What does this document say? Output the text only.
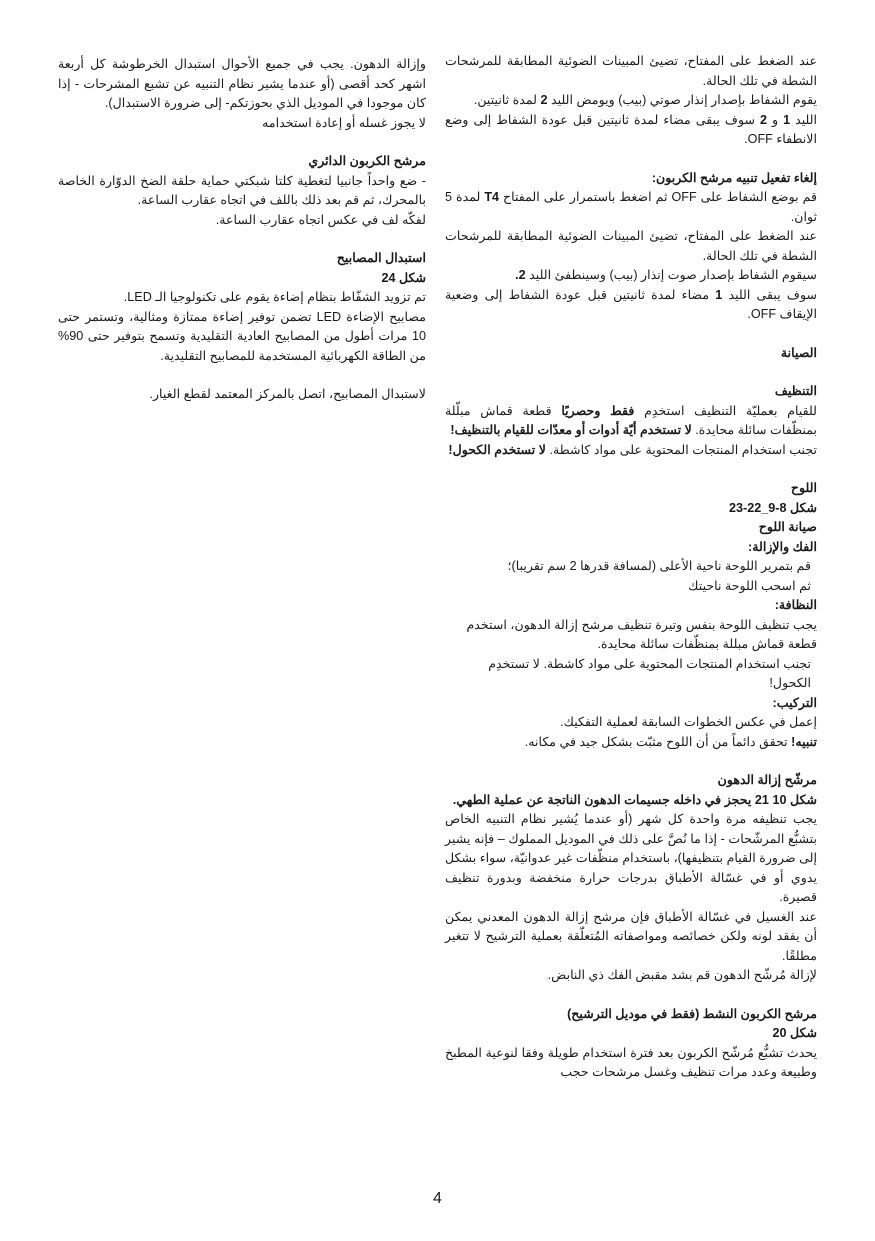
عند الضغط على المفتاح، تضيئ المبينات الضوئية المطابقة للمرشحات الشطة في تلك الحالة.

يقوم الشفاط بإصدار إنذار صوتي (بيب) ويومض الليد 2 لمدة ثانيتين.

الليد 1 و 2 سوف يبقى مضاء لمدة ثانيتين قبل عودة الشفاط إلى وضع الانطفاء OFF.

إلغاء تفعيل تنبيه مرشح الكربون:

قم بوضع الشفاط على OFF ثم اضغط باستمرار على المفتاح T4 لمدة 5 ثوان.

عند الضغط على المفتاح، تضيئ المبينات الضوئية المطابقة للمرشحات الشطة في تلك الحالة.

سيقوم الشفاط بإصدار صوت إنذار (بيب) وسينطفئ الليد 2.

سوف يبقى الليد 1 مضاء لمدة ثانيتين قبل عودة الشفاط إلى وضعية الإيقاف OFF.

الصيانة

التنظيف

للقيام بعمليّة التنظيف استخدِم فقط وحصريًا قطعة قماش مبلّلة بمنظّفات سائلة محايدة. لا تستخدم أيّة أدوات أو معدّات للقيام بالتنظيف!

تجنب استخدام المنتجات المحتوية على مواد كاشطة. لا تستخدم الكحول!

اللوح

شكل 8-9_22-23

صيانة اللوح

الفك والإزالة:

قم بتمرير اللوحة ناحية الأعلى (لمسافة قدرها 2 سم تقريبا)؛

ثم اسحب اللوحة ناحيتك

النظافة:

يجب تنظيف اللوحة بنفس وتيرة تنظيف مرشح إزالة الدهون، استخدم قطعة قماش مبللة بمنظّفات سائلة محايدة.

تجنب استخدام المنتجات المحتوية على مواد كاشطة. لا تستخدِم الكحول!

التركيب:

إعمل في عكس الخطوات السابقة لعملية التفكيك.

تنبيه! تحقق دائماً من أن اللوح مثبّت بشكل جيد في مكانه.

مرشّح إزالة الدهون

شكل 10 21 يحجز في داخله جسيمات الدهون الناتجة عن عملية الطهي.

يجب تنظيفه مرة واحدة كل شهر (أو عندما يُشير نظام التنبيه الخاص بتشبُّع المرشّحات - إذا ما نُصَّ على ذلك في الموديل المملوك – فإنه يشير إلى ضرورة القيام بتنظيفها)، باستخدام منظّفات غير عدوانيّة، سواء بشكل يدوي أو في غسّالة الأطباق بدرجات حرارة منخفضة وبدورة تنظيف قصيرة.

عند الغسيل في غسّالة الأطباق فإن مرشح إزالة الدهون المعدني يمكن أن يفقد لونه ولكن خصائصه ومواصفاته المُتعلّقة بعملية الترشيح لا تتغير مطلقًا.

لإزالة مُرشّح الدهون قم بشد مقبض الفك ذي النابض.

مرشح الكربون النشط (فقط في موديل الترشيح)

شكل 20

يحدث تشبُّع مُرشّح الكربون بعد فترة استخدام طويلة وفقا لنوعية المطبخ وطبيعة وعدد مرات تنظيف وغسل مرشحات حجب

وإزالة الدهون. يجب في جميع الأحوال استبدال الخرطوشة كل أربعة اشهر كحد أقصى (أو عندما يشير نظام التنبيه عن تشبع المشرحات - إذا كان موجودا في الموديل الذي بحوزتكم- إلى ضرورة الاستبدال).

لا يجوز غسله أو إعادة استخدامه

مرشح الكربون الدائري

- ضع واحداً جانبيا لتغطية كلتا شبكتي حماية حلقة الضخ الدوّارة الخاصة بالمحرك، ثم قم بعد ذلك باللف في اتجاه عقارب الساعة.

لفكّه لف في عكس اتجاه عقارب الساعة.

استبدال المصابيح

شكل 24

تم تزويد الشفّاط بنظام إضاءة يقوم على تكنولوجيا الـ LED.

مصابيح الإضاءة LED تضمن توفير إضاءة ممتازة ومثالية، وتستمر حتى 10 مرات أطول من المصابيح العادية التقليدية وتسمح بتوفير حتى 90% من الطاقة الكهربائية المستخدمة للمصابيح التقليدية.

لاستبدال المصابيح، اتصل بالمركز المعتمد لقطع الغيار.

4
